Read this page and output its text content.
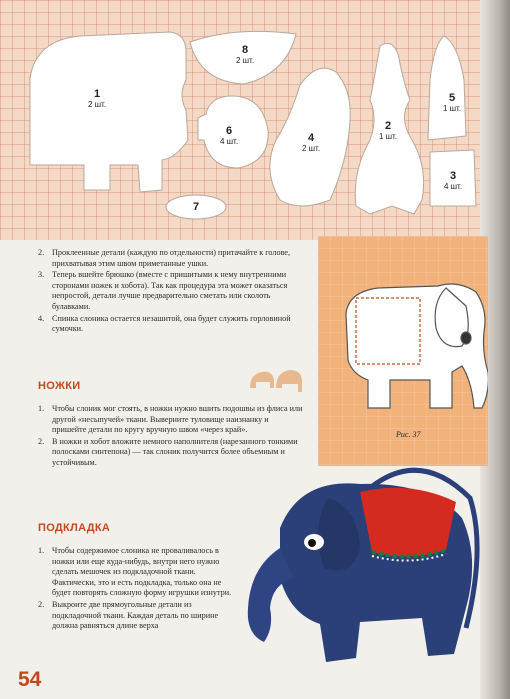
1
2 шт.
8
2 шт.
6
4 шт.	4
2 шт.
2
1 шт.
5
1 шт.
3
4 шт.
7
Рис. 37
2. Проклеенные детали (каждую по отдельности) притачайте к голове, прихватывая этим швом приметанные ушки.
3. Теперь вшейте брюшко (вместе с пришитыми к нему внутренними сторонами ножек и хобота). Так как процедура эта может оказаться непростой, детали лучше предварительно сметать или сколоть булавками.
4. Спинка слоника остается незашитой, она будет служить горловиной сумочки.
НОЖКИ
1. Чтобы слоник мог стоять, в ножки нужно вшить подошвы из флиса или другой «несыпучей» ткани. Выверните туловище наизнанку и пришейте детали по кругу вручную швом «через край».
2. В ножки и хобот вложите немного наполнителя (нарезанного тонкими полосками синтепона) — так слоник получится более объемным и устойчивым.
ПОДКЛАДКА
1. Чтобы содержимое слоника не проваливалось в ножки или еще куда-нибудь, внутри него нужно сделать мешочек из подкладочной ткани. Фактически, это и есть подкладка, только она не будет повторять сложную форму игрушки изнутри.
2. Выкроите две прямоугольные детали из подкладочной ткани. Каждая деталь по ширине должна равняться длине верха
54
